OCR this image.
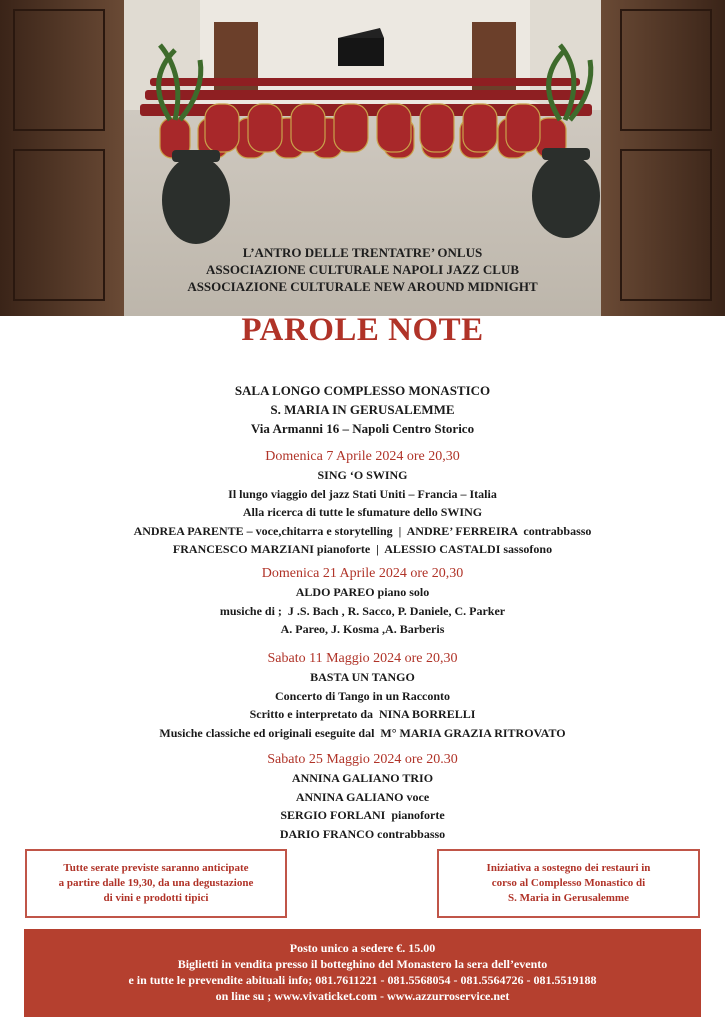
L’ANTRO DELLE TRENTATRE’ ONLUS
ASSOCIAZIONE CULTURALE NAPOLI JAZZ CLUB
ASSOCIAZIONE CULTURALE NEW AROUND MIDNIGHT
PAROLE NOTE
SALA LONGO COMPLESSO MONASTICO
S. MARIA IN GERUSALEMME
Via Armanni 16 – Napoli Centro Storico
Domenica 7 Aprile 2024 ore 20,30
SING ‘O SWING
Il lungo viaggio del jazz Stati Uniti – Francia – Italia
Alla ricerca di tutte le sfumature dello SWING
ANDREA PARENTE – voce,chitarra e storytelling  |  ANDRE’ FERREIRA  contrabbasso
FRANCESCO MARZIANI pianoforte  |  ALESSIO CASTALDI sassofono
Domenica 21 Aprile 2024 ore 20,30
ALDO PAREO piano solo
musiche di ;  J .S. Bach , R. Sacco, P. Daniele, C. Parker
A. Pareo, J. Kosma ,A. Barberis
Sabato 11 Maggio 2024 ore 20,30
BASTA UN TANGO
Concerto di Tango in un Racconto
Scritto e interpretato da  NINA BORRELLI
Musiche classiche ed originali eseguite dal  M° MARIA GRAZIA RITROVATO
Sabato 25 Maggio 2024 ore 20.30
ANNINA GALIANO TRIO
ANNINA GALIANO voce
SERGIO FORLANI  pianoforte
DARIO FRANCO contrabbasso
Tutte serate previste saranno anticipate
a partire dalle 19,30, da una degustazione
di vini e prodotti tipici
Iniziativa a sostegno dei restauri in
corso al Complesso Monastico di
S. Maria in Gerusalemme
Posto unico a sedere €. 15.00
Biglietti in vendita presso il botteghino del Monastero la sera dell’evento
e in tutte le prevendite abituali info; 081.7611221 - 081.5568054 - 081.5564726 - 081.5519188
on line su ; www.vivaticket.com - www.azzurroservice.net
